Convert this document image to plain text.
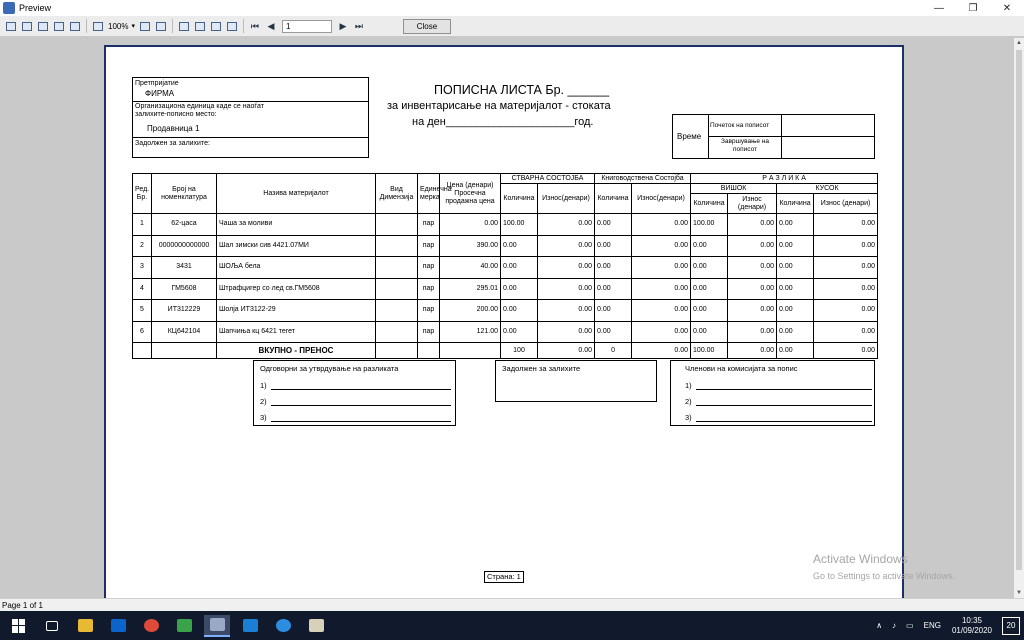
Preview	—	❐	✕
100% ▾	⏮ ◀	1	▶ ⏭	Close
Претпријатие
ФИРМА
Организациона единица каде се наоѓат залихите-пописно место:
Продавница 1
Задолжен за залихите:
ПОПИСНА ЛИСТА Бр. ______
за инвентарисање на материјалот - стоката
на ден_____________________год.
Време
Почеток на пописот
Завршување на пописот
Ред. Бр.	Број на номенклатура	Назива материјалот	Вид Димензија	Единечна мерка	Цена (денари) Просечна продажна цена	СТВАРНА СОСТОЈБА		Книговодствена Состојба		Р А З Л И К А			
						Количина	Износ(денари)	Количина	Износ(денари)	ВИШОК		КУСОК	
										Количина	Износ (денари)	Количина	Износ (денари)
1	62-цаса	Чаша за моливи		пар	0.00	100.00	0.00	0.00	0.00	100.00	0.00	0.00	0.00
2	0000000000000	Шал зимски сив 4421.07МИ		пар	390.00	0.00	0.00	0.00	0.00	0.00	0.00	0.00	0.00
3	3431	ШОЉА бела		пар	40.00	0.00	0.00	0.00	0.00	0.00	0.00	0.00	0.00
4	ГМ5608	Штрафцигер со лед св.ГМ5608		пар	295.01	0.00	0.00	0.00	0.00	0.00	0.00	0.00	0.00
5	ИТ312229	Шолја ИТ3122-29		пар	200.00	0.00	0.00	0.00	0.00	0.00	0.00	0.00	0.00
6	КЦ642104	Шапчиња кц 6421 тегет		пар	121.00	0.00	0.00	0.00	0.00	0.00	0.00	0.00	0.00
		ВКУПНО - ПРЕНОС				100	0.00	0	0.00	100.00	0.00	0.00	0.00
Одговорни за утврдување на разликата
1)
2)
3)
Задолжен за залихите	Членови на комисијата за попис
1)
2)
3)
Страна: 1
▲
▼
Activate Windows
Go to Settings to activate Windows.
Page 1 of 1
∧ ♪ ▭ ENG
10:35
01/09/2020	20
